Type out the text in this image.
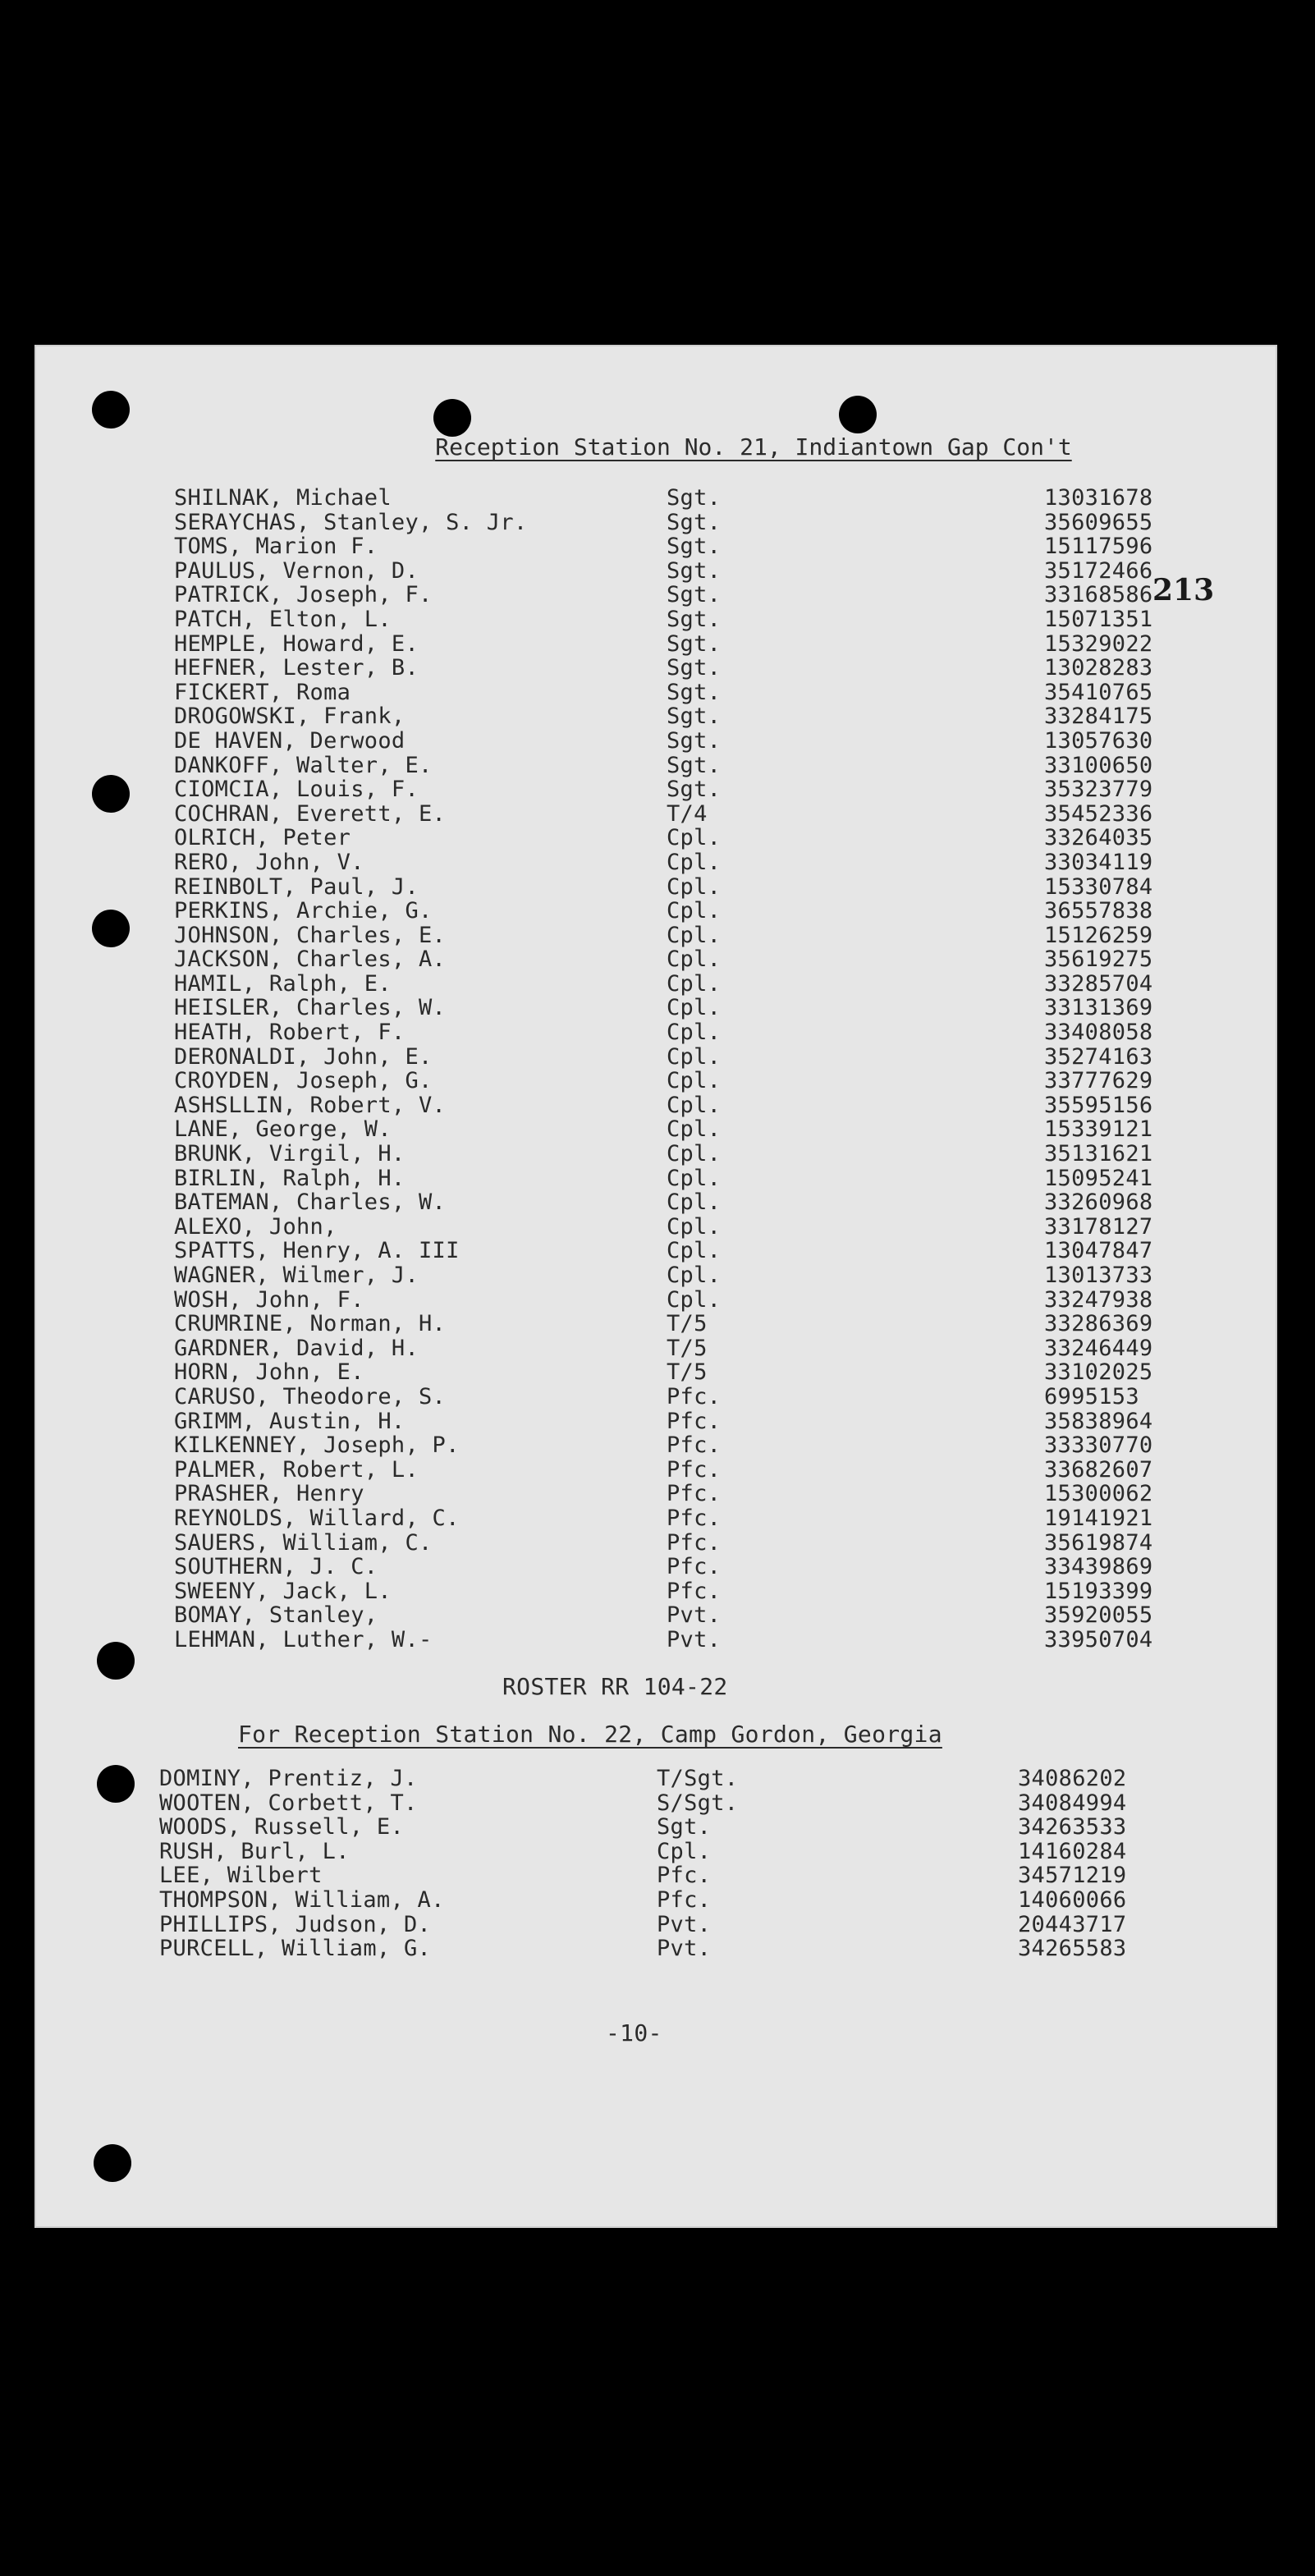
Reception Station No. 21, Indiantown Gap Con't
213
SHILNAK, Michael	Sgt.	13031678
SERAYCHAS, Stanley, S. Jr.	Sgt.	35609655
TOMS, Marion F.	Sgt.	15117596
PAULUS, Vernon, D.	Sgt.	35172466
PATRICK, Joseph, F.	Sgt.	33168586
PATCH, Elton, L.	Sgt.	15071351
HEMPLE, Howard, E.	Sgt.	15329022
HEFNER, Lester, B.	Sgt.	13028283
FICKERT, Roma	Sgt.	35410765
DROGOWSKI, Frank,	Sgt.	33284175
DE HAVEN, Derwood	Sgt.	13057630
DANKOFF, Walter, E.	Sgt.	33100650
CIOMCIA, Louis, F.	Sgt.	35323779
COCHRAN, Everett, E.	T/4	35452336
OLRICH, Peter	Cpl.	33264035
RERO, John, V.	Cpl.	33034119
REINBOLT, Paul, J.	Cpl.	15330784
PERKINS, Archie, G.	Cpl.	36557838
JOHNSON, Charles, E.	Cpl.	15126259
JACKSON, Charles, A.	Cpl.	35619275
HAMIL, Ralph, E.	Cpl.	33285704
HEISLER, Charles, W.	Cpl.	33131369
HEATH, Robert, F.	Cpl.	33408058
DERONALDI, John, E.	Cpl.	35274163
CROYDEN, Joseph, G.	Cpl.	33777629
ASHSLLIN, Robert, V.	Cpl.	35595156
LANE, George, W.	Cpl.	15339121
BRUNK, Virgil, H.	Cpl.	35131621
BIRLIN, Ralph, H.	Cpl.	15095241
BATEMAN, Charles, W.	Cpl.	33260968
ALEXO, John,	Cpl.	33178127
SPATTS, Henry, A. III	Cpl.	13047847
WAGNER, Wilmer, J.	Cpl.	13013733
WOSH, John, F.	Cpl.	33247938
CRUMRINE, Norman, H.	T/5	33286369
GARDNER, David, H.	T/5	33246449
HORN, John, E.	T/5	33102025
CARUSO, Theodore, S.	Pfc.	6995153
GRIMM, Austin, H.	Pfc.	35838964
KILKENNEY, Joseph, P.	Pfc.	33330770
PALMER, Robert, L.	Pfc.	33682607
PRASHER, Henry	Pfc.	15300062
REYNOLDS, Willard, C.	Pfc.	19141921
SAUERS, William, C.	Pfc.	35619874
SOUTHERN, J. C.	Pfc.	33439869
SWEENY, Jack, L.	Pfc.	15193399
BOMAY, Stanley,	Pvt.	35920055
LEHMAN, Luther, W.-	Pvt.	33950704
ROSTER RR 104-22
For Reception Station No. 22, Camp Gordon, Georgia
DOMINY, Prentiz, J.	T/Sgt.	34086202
WOOTEN, Corbett, T.	S/Sgt.	34084994
WOODS, Russell, E.	Sgt.	34263533
RUSH, Burl, L.	Cpl.	14160284
LEE, Wilbert	Pfc.	34571219
THOMPSON, William, A.	Pfc.	14060066
PHILLIPS, Judson, D.	Pvt.	20443717
PURCELL, William, G.	Pvt.	34265583
-10-
